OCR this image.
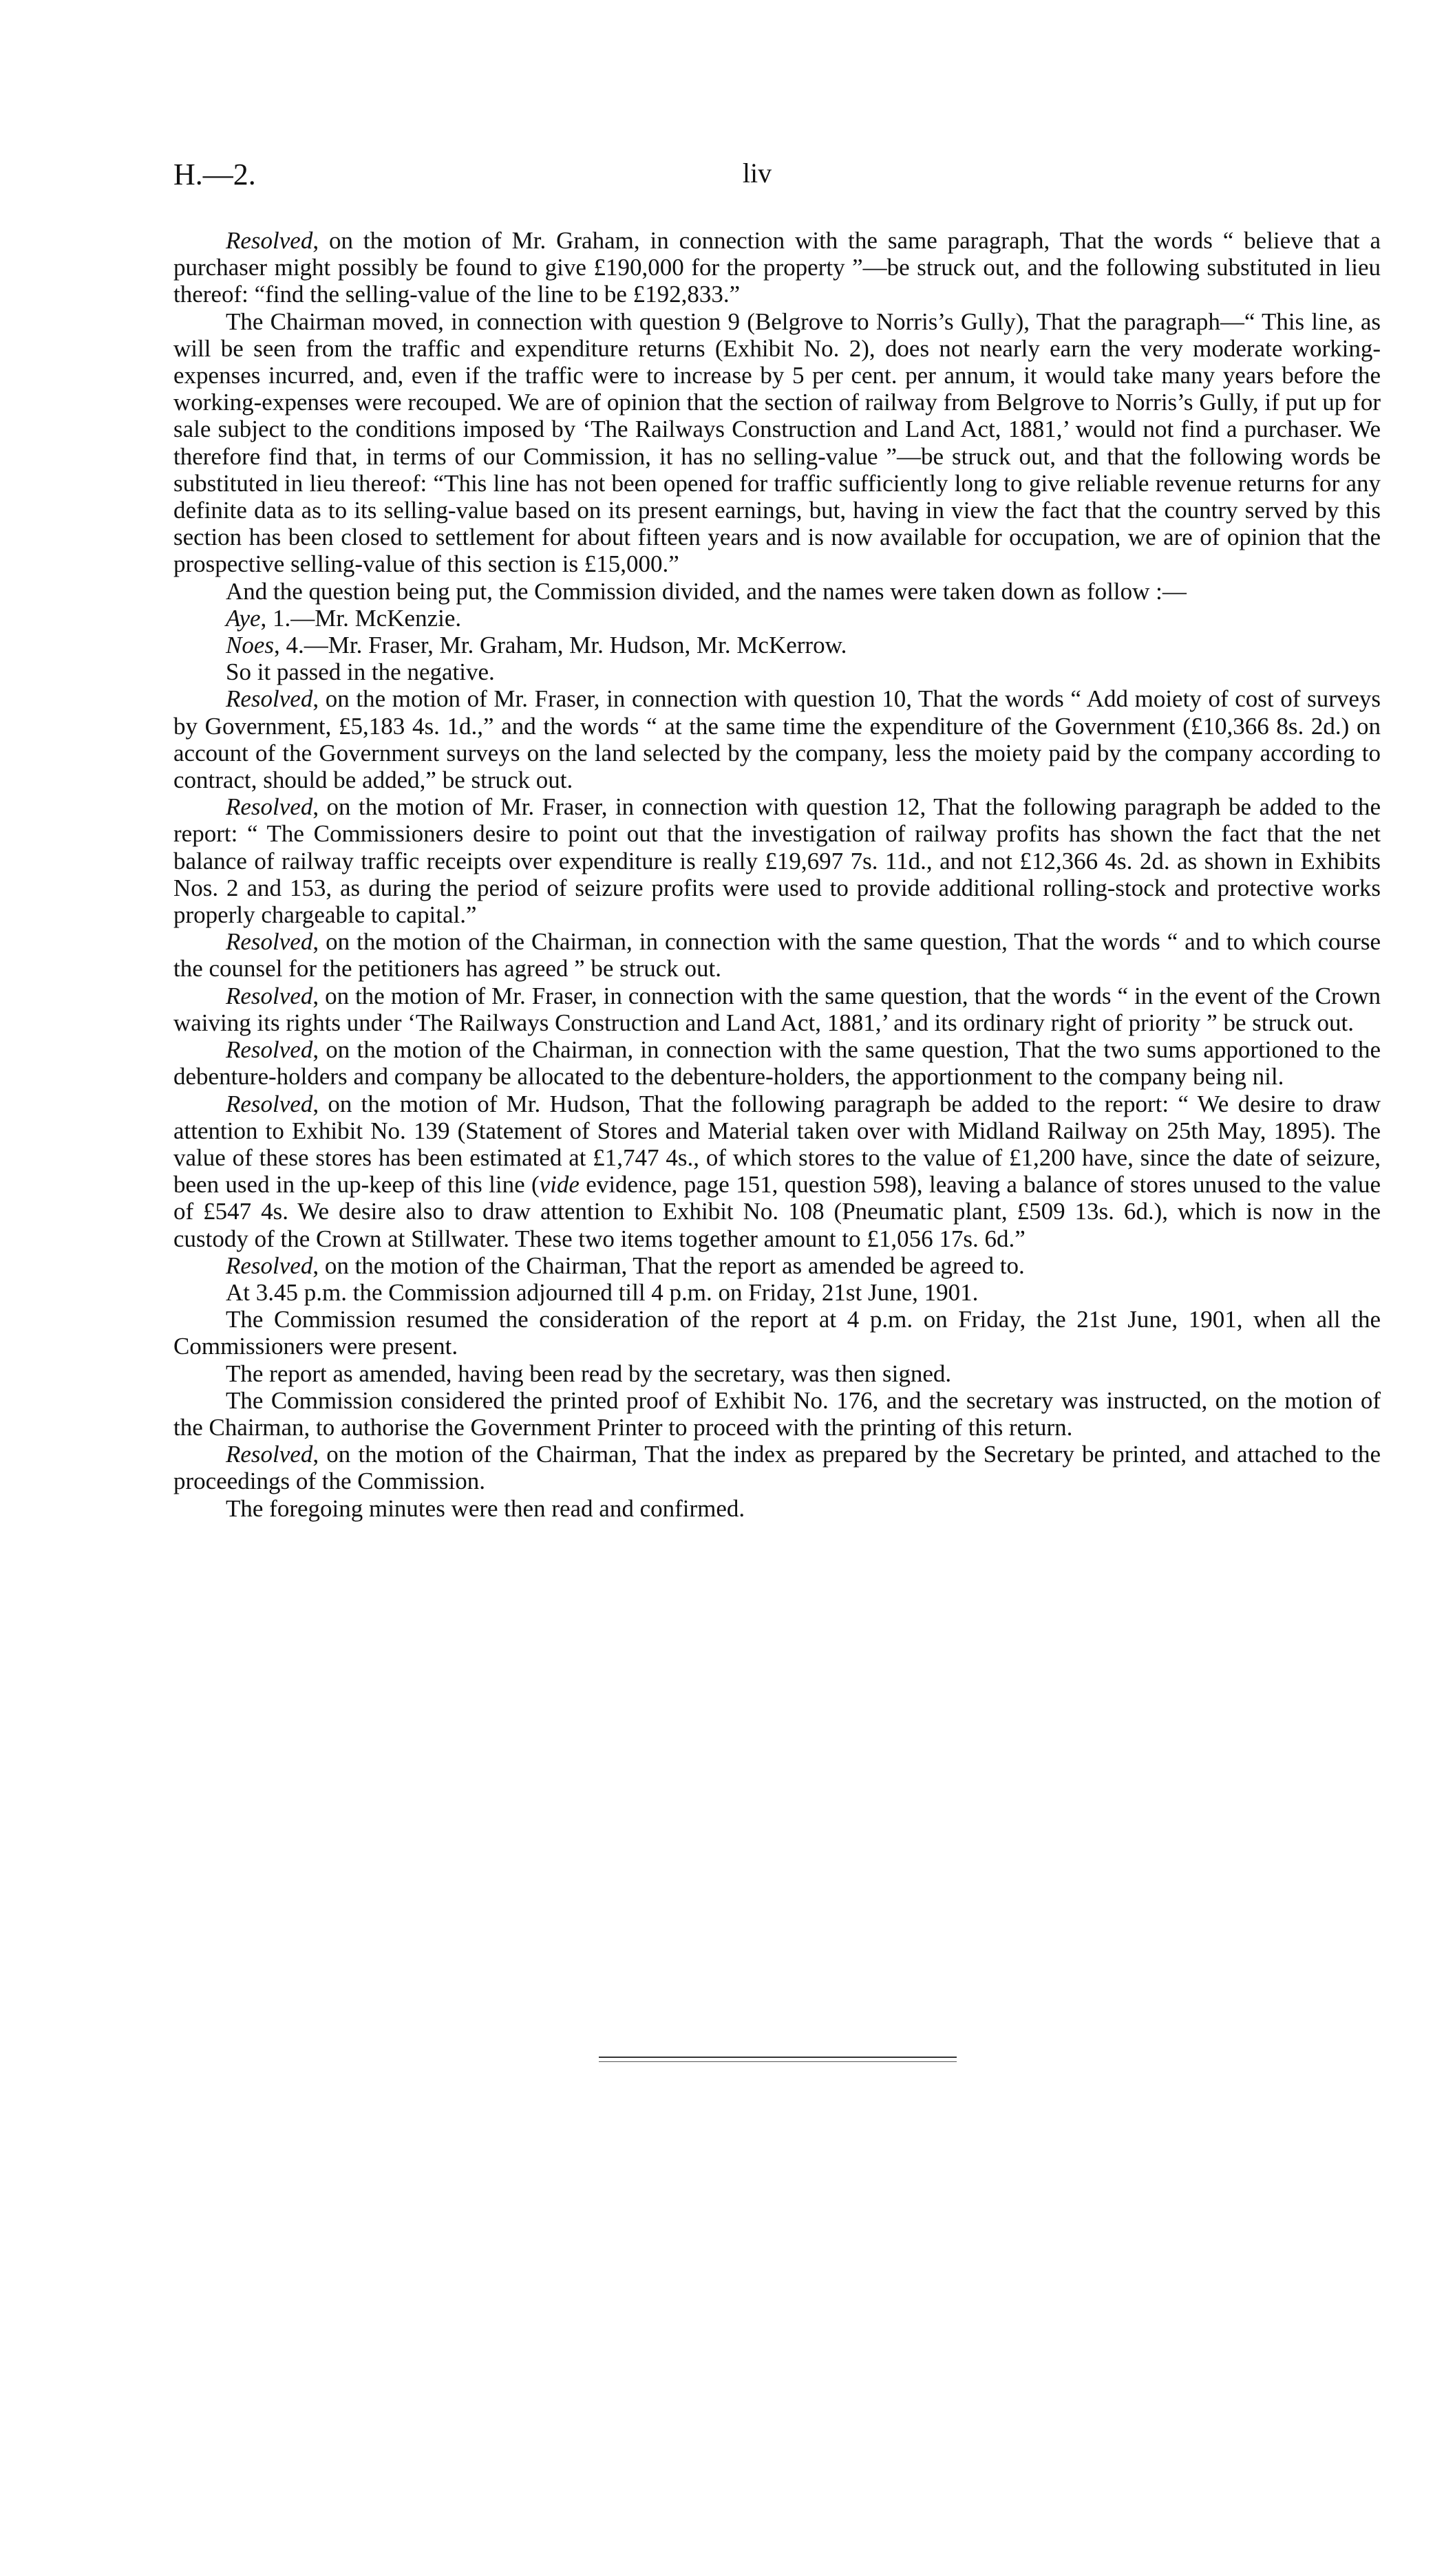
H.—2.	liv

Resolved, on the motion of Mr. Graham, in connection with the same paragraph, That the words “ believe that a purchaser might possibly be found to give £190,000 for the property ”—be struck out, and the following substituted in lieu thereof: “find the selling-value of the line to be £192,833.”

The Chairman moved, in connection with question 9 (Belgrove to Norris’s Gully), That the paragraph—“ This line, as will be seen from the traffic and expenditure returns (Exhibit No. 2), does not nearly earn the very moderate working-expenses incurred, and, even if the traffic were to increase by 5 per cent. per annum, it would take many years before the working-expenses were recouped. We are of opinion that the section of railway from Belgrove to Norris’s Gully, if put up for sale subject to the conditions imposed by ‘The Railways Construction and Land Act, 1881,’ would not find a purchaser. We therefore find that, in terms of our Commission, it has no selling-value ”—be struck out, and that the following words be substituted in lieu thereof: “This line has not been opened for traffic sufficiently long to give reliable revenue returns for any definite data as to its selling-value based on its present earnings, but, having in view the fact that the country served by this section has been closed to settlement for about fifteen years and is now available for occupation, we are of opinion that the prospective selling-value of this section is £15,000.”

And the question being put, the Commission divided, and the names were taken down as follow :—

Aye, 1.—Mr. McKenzie.

Noes, 4.—Mr. Fraser, Mr. Graham, Mr. Hudson, Mr. McKerrow.

So it passed in the negative.

Resolved, on the motion of Mr. Fraser, in connection with question 10, That the words “ Add moiety of cost of surveys by Government, £5,183 4s. 1d.,” and the words “ at the same time the expenditure of the Government (£10,366 8s. 2d.) on account of the Government surveys on the land selected by the company, less the moiety paid by the company according to contract, should be added,” be struck out.

Resolved, on the motion of Mr. Fraser, in connection with question 12, That the following paragraph be added to the report: “ The Commissioners desire to point out that the investigation of railway profits has shown the fact that the net balance of railway traffic receipts over expenditure is really £19,697 7s. 11d., and not £12,366 4s. 2d. as shown in Exhibits Nos. 2 and 153, as during the period of seizure profits were used to provide additional rolling-stock and protective works properly chargeable to capital.”

Resolved, on the motion of the Chairman, in connection with the same question, That the words “ and to which course the counsel for the petitioners has agreed ” be struck out.

Resolved, on the motion of Mr. Fraser, in connection with the same question, that the words “ in the event of the Crown waiving its rights under ‘The Railways Construction and Land Act, 1881,’ and its ordinary right of priority ” be struck out.

Resolved, on the motion of the Chairman, in connection with the same question, That the two sums apportioned to the debenture-holders and company be allocated to the debenture-holders, the apportionment to the company being nil.

Resolved, on the motion of Mr. Hudson, That the following paragraph be added to the report: “ We desire to draw attention to Exhibit No. 139 (Statement of Stores and Material taken over with Midland Railway on 25th May, 1895). The value of these stores has been estimated at £1,747 4s., of which stores to the value of £1,200 have, since the date of seizure, been used in the up-keep of this line (vide evidence, page 151, question 598), leaving a balance of stores unused to the value of £547 4s. We desire also to draw attention to Exhibit No. 108 (Pneumatic plant, £509 13s. 6d.), which is now in the custody of the Crown at Stillwater. These two items together amount to £1,056 17s. 6d.”

Resolved, on the motion of the Chairman, That the report as amended be agreed to.

At 3.45 p.m. the Commission adjourned till 4 p.m. on Friday, 21st June, 1901.

The Commission resumed the consideration of the report at 4 p.m. on Friday, the 21st June, 1901, when all the Commissioners were present.

The report as amended, having been read by the secretary, was then signed.

The Commission considered the printed proof of Exhibit No. 176, and the secretary was instructed, on the motion of the Chairman, to authorise the Government Printer to proceed with the printing of this return.

Resolved, on the motion of the Chairman, That the index as prepared by the Secretary be printed, and attached to the proceedings of the Commission.

The foregoing minutes were then read and confirmed.
